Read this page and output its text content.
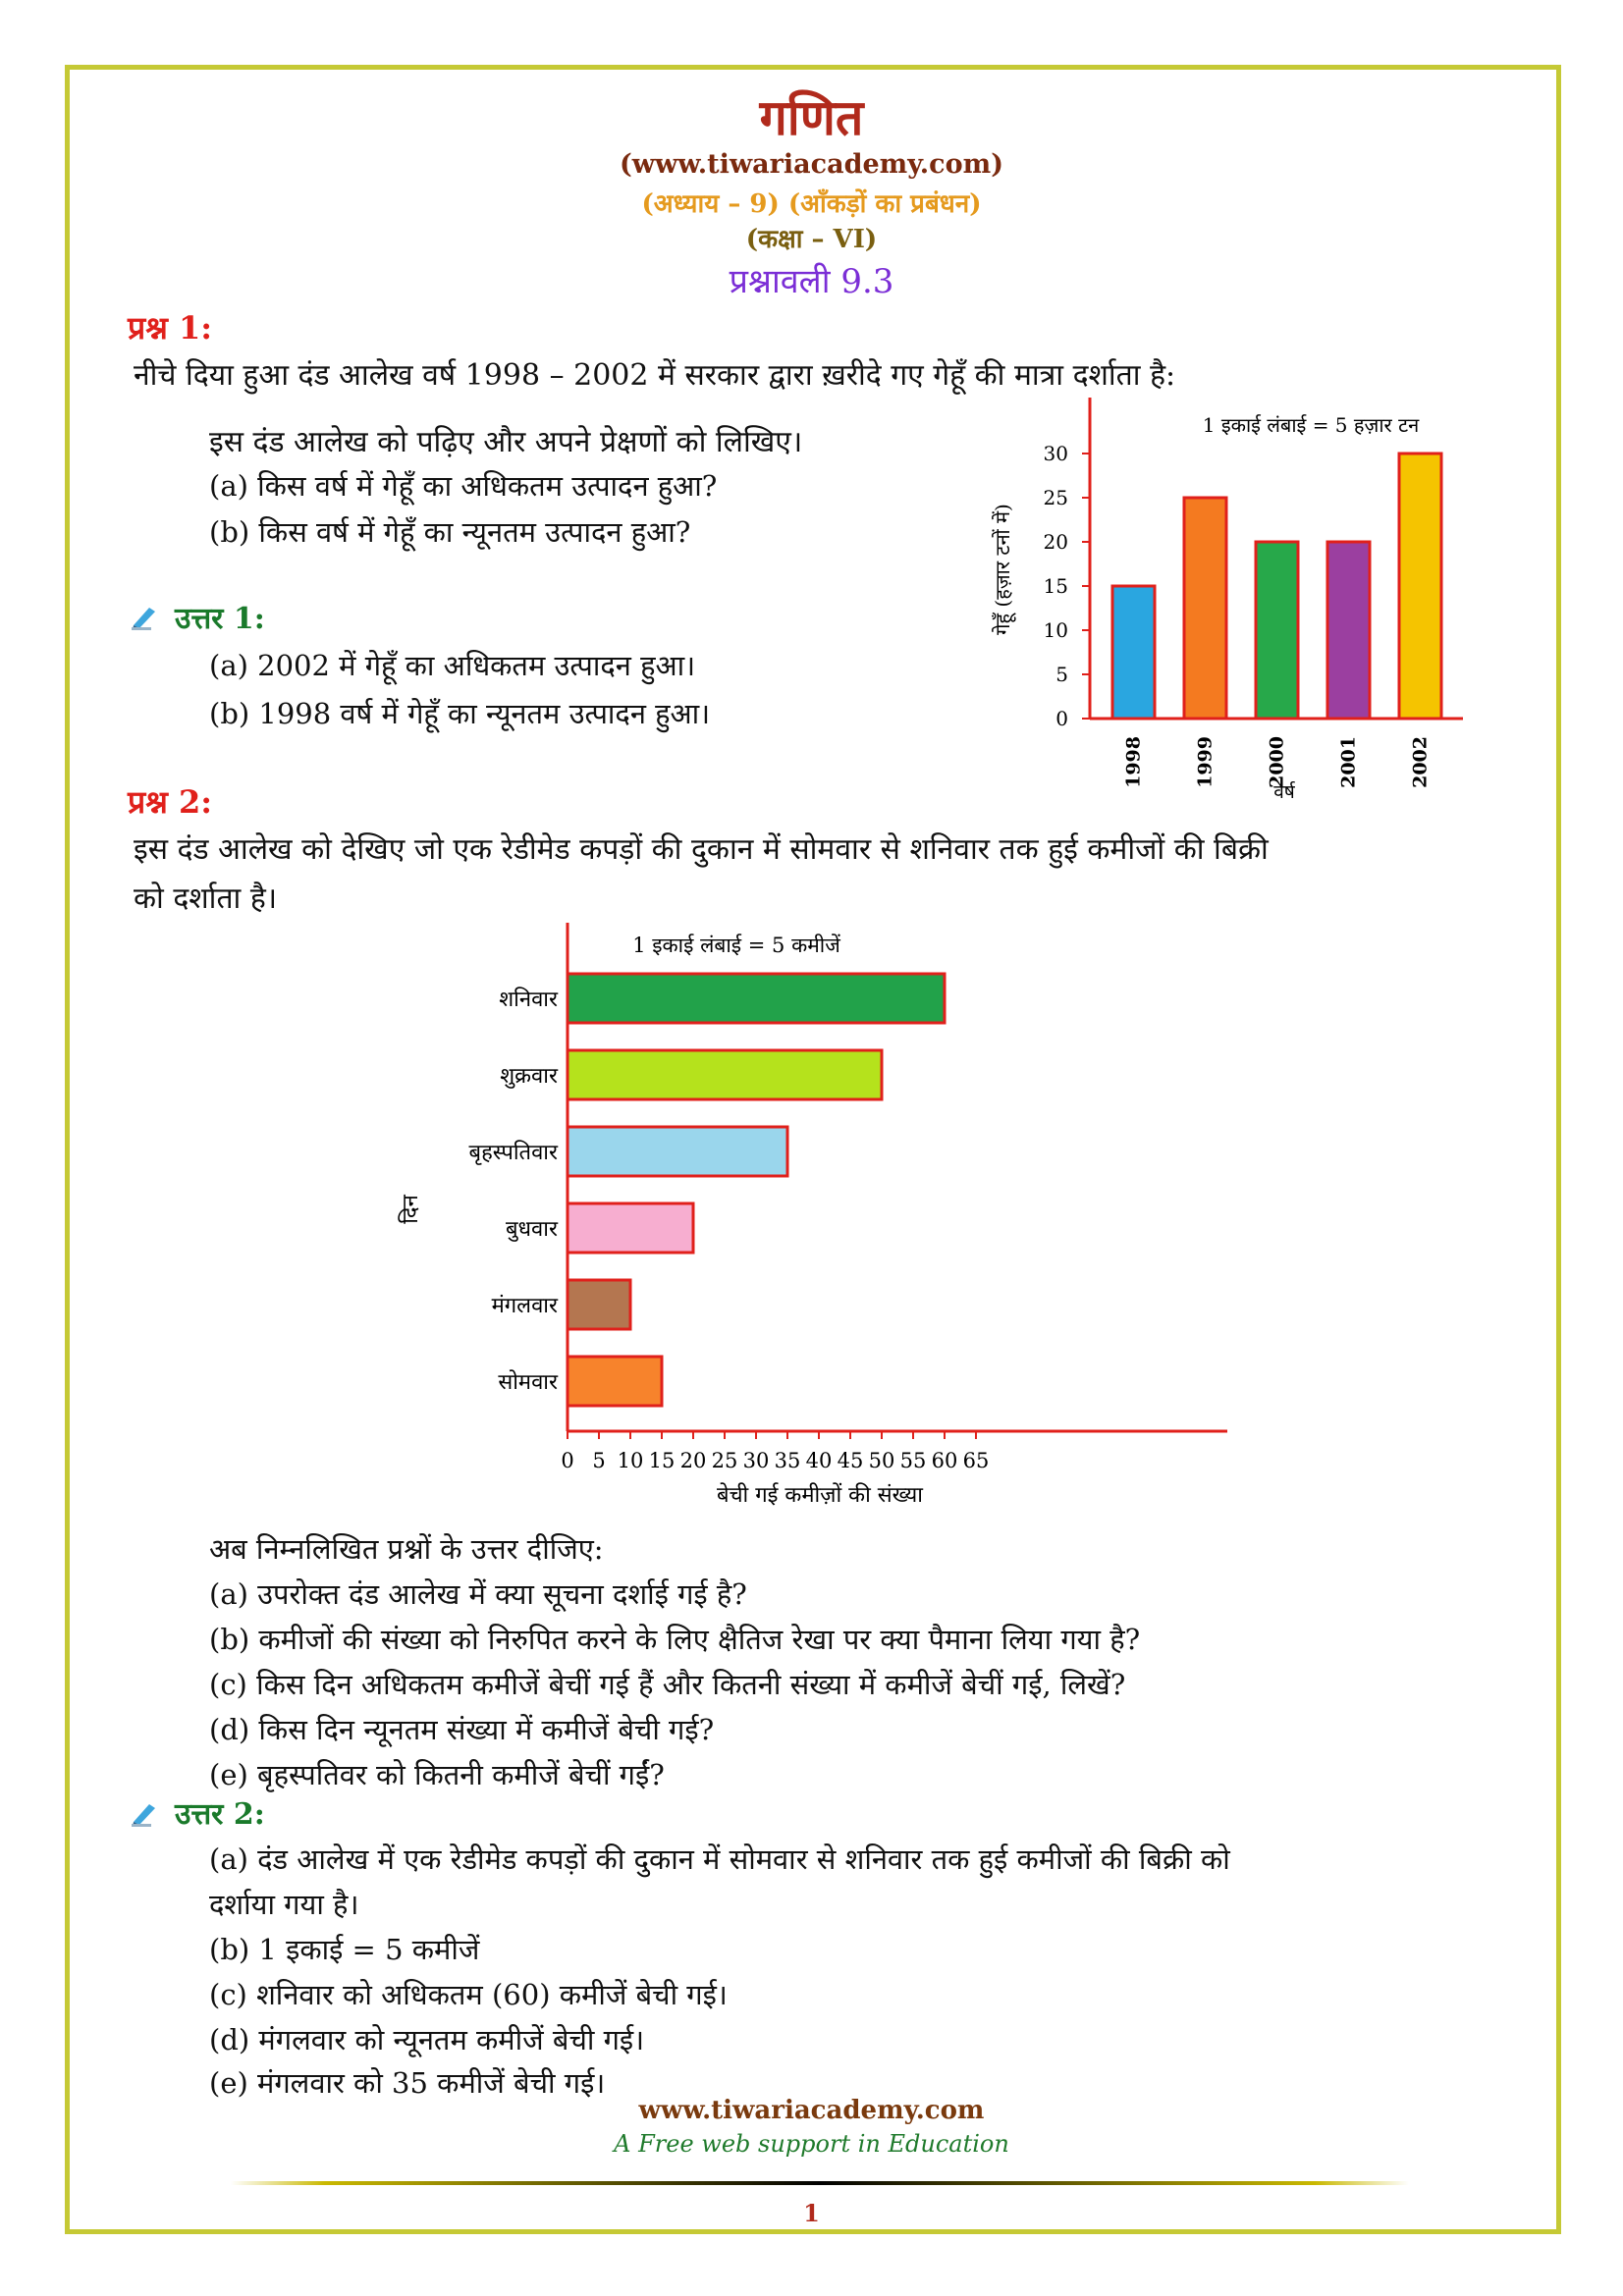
गणित
(www.tiwariacademy.com)
(अध्याय – 9) (आँकड़ों का प्रबंधन)
(कक्षा – VI)
प्रश्नावली 9.3
प्रश्न 1:
नीचे दिया हुआ दंड आलेख वर्ष 1998 – 2002 में सरकार द्वारा ख़रीदे गए गेहूँ की मात्रा दर्शाता है:
इस दंड आलेख को पढ़िए और अपने प्रेक्षणों को लिखिए।
(a) किस वर्ष में गेहूँ का अधिकतम उत्पादन हुआ?
(b) किस वर्ष में गेहूँ का न्यूनतम उत्पादन हुआ?
उत्तर 1:
(a) 2002 में गेहूँ का अधिकतम उत्पादन हुआ।
(b) 1998 वर्ष में गेहूँ का न्यूनतम उत्पादन हुआ।
1 इकाई लंबाई = 5 हज़ार टन
0
5
10
15
20
25
30
1998	1999	2000	2001	2002
वर्ष
गेहूँ (हज़ार टनों में)
प्रश्न 2:
इस दंड आलेख को देखिए जो एक रेडीमेड कपड़ों की दुकान में सोमवार से शनिवार तक हुई कमीजों की बिक्री
को दर्शाता है।
1 इकाई लंबाई = 5 कमीजें
शनिवार
शुक्रवार
बृहस्पतिवार
बुधवार
मंगलवार
सोमवार
0 5 10 15 20 25 30 35 40 45 50 55 60 65
बेची गई कमीज़ों की संख्या
दिन
अब निम्नलिखित प्रश्नों के उत्तर दीजिए:
(a) उपरोक्त दंड आलेख में क्या सूचना दर्शाई गई है?
(b) कमीजों की संख्या को निरुपित करने के लिए क्षैतिज रेखा पर क्या पैमाना लिया गया है?
(c) किस दिन अधिकतम कमीजें बेचीं गई हैं और कितनी संख्या में कमीजें बेचीं गई, लिखें?
(d) किस दिन न्यूनतम संख्या में कमीजें बेची गई?
(e) बृहस्पतिवर को कितनी कमीजें बेचीं गईं?
उत्तर 2:
(a) दंड आलेख में एक रेडीमेड कपड़ों की दुकान में सोमवार से शनिवार तक हुई कमीजों की बिक्री को
दर्शाया गया है।
(b) 1 इकाई = 5 कमीजें
(c) शनिवार को अधिकतम (60) कमीजें बेची गई।
(d) मंगलवार को न्यूनतम कमीजें बेची गई।
(e) मंगलवार को 35 कमीजें बेची गई।
www.tiwariacademy.com
A Free web support in Education
1
